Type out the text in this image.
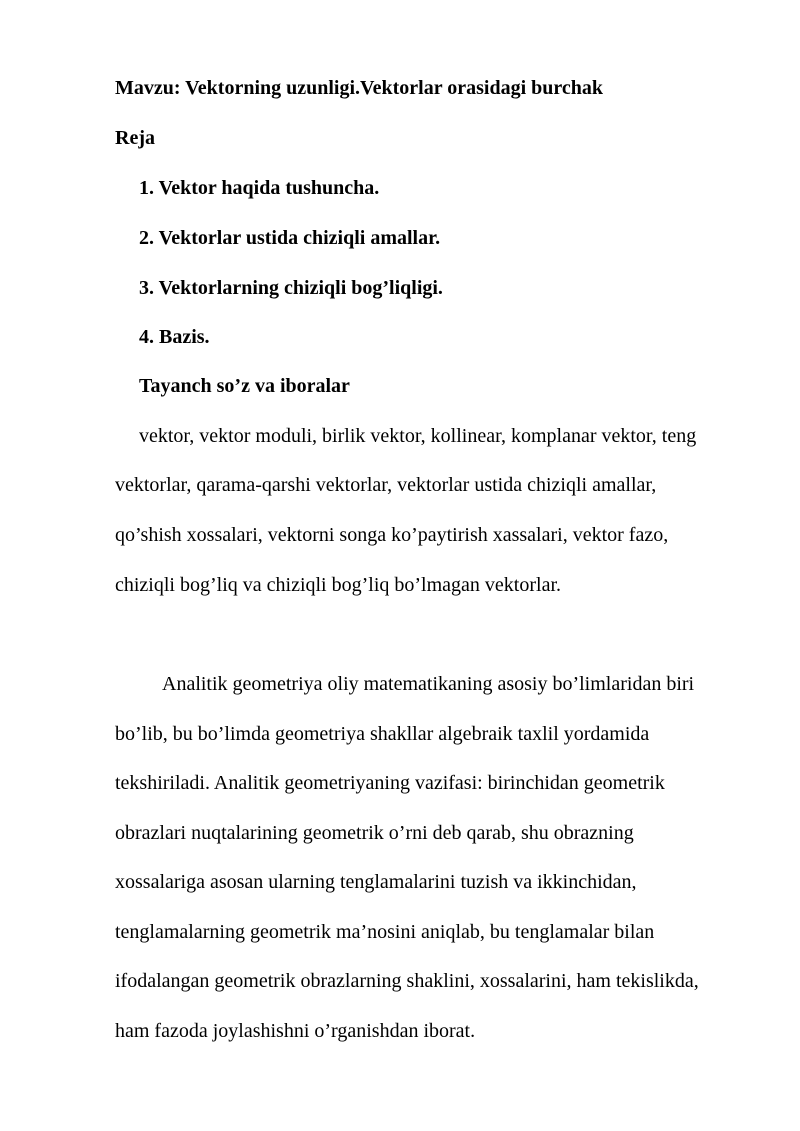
Mavzu: Vektorning uzunligi.Vektorlar orasidagi burchak
Reja
1. Vektor haqida tushuncha.
2. Vektorlar ustida chiziqli amallar.
3. Vektorlarning chiziqli bog’liqligi.
4. Bazis.
Tayanch so’z va iboralar
vektor, vektor moduli, birlik vektor, kollinear, komplanar vektor, teng
vektorlar, qarama-qarshi vektorlar, vektorlar ustida chiziqli amallar,
qo’shish xossalari, vektorni songa ko’paytirish xassalari, vektor fazo,
chiziqli bog’liq va chiziqli bog’liq bo’lmagan vektorlar.
Analitik geometriya oliy matematikaning asosiy bo’limlaridan biri
bo’lib, bu bo’limda geometriya shakllar algebraik taxlil yordamida
tekshiriladi. Analitik geometriyaning vazifasi: birinchidan geometrik
obrazlari nuqtalarining geometrik o’rni deb qarab, shu obrazning
xossalariga asosan ularning tenglamalarini tuzish va ikkinchidan,
tenglamalarning geometrik ma’nosini aniqlab, bu tenglamalar bilan
ifodalangan geometrik obrazlarning shaklini, xossalarini, ham tekislikda,
ham fazoda joylashishni o’rganishdan iborat.
